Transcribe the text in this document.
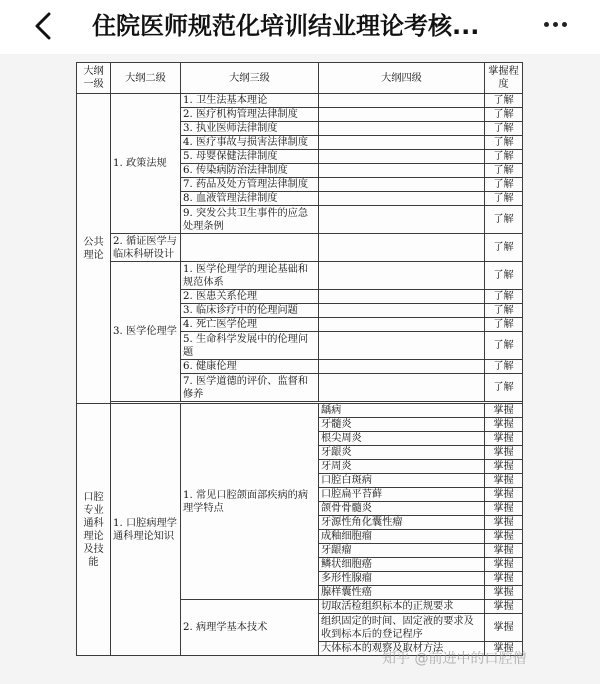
住院医师规范化培训结业理论考核...
大纲一级	大纲二级	大纲三级	大纲四级	掌握程度
公共理论	1. 政策法规	1. 卫生法基本理论		了解
		2. 医疗机构管理法律制度		了解
		3. 执业医师法律制度		了解
		4. 医疗事故与损害法律制度		了解
		5. 母婴保健法律制度		了解
		6. 传染病防治法律制度		了解
		7. 药品及处方管理法律制度		了解
		8. 血液管理法律制度		了解
		9. 突发公共卫生事件的应急处理条例		了解
	2. 循证医学与临床科研设计			了解
	3. 医学伦理学	1. 医学伦理学的理论基础和规范体系		了解
		2. 医患关系伦理		了解
		3. 临床诊疗中的伦理问题		了解
		4. 死亡医学伦理		了解
		5. 生命科学发展中的伦理问题		了解
		6. 健康伦理		了解
		7. 医学道德的评价、监督和修养		了解

口腔专业通科理论及技能	1. 口腔病理学通科理论知识	1. 常见口腔颌面部疾病的病理学特点	龋病	掌握
			牙髓炎	掌握
			根尖周炎	掌握
			牙龈炎	掌握
			牙周炎	掌握
			口腔白斑病	掌握
			口腔扁平苔藓	掌握
			颌骨骨髓炎	掌握
			牙源性角化囊性瘤	掌握
			成釉细胞瘤	掌握
			牙龈瘤	掌握
			鳞状细胞癌	掌握
			多形性腺瘤	掌握
			腺样囊性癌	掌握
		2. 病理学基本技术	切取活检组织标本的正规要求	掌握
			组织固定的时间、固定液的要求及收到标本后的登记程序	掌握
			大体标本的观察及取材方法	掌握
知乎 @前进中的口腔僧
